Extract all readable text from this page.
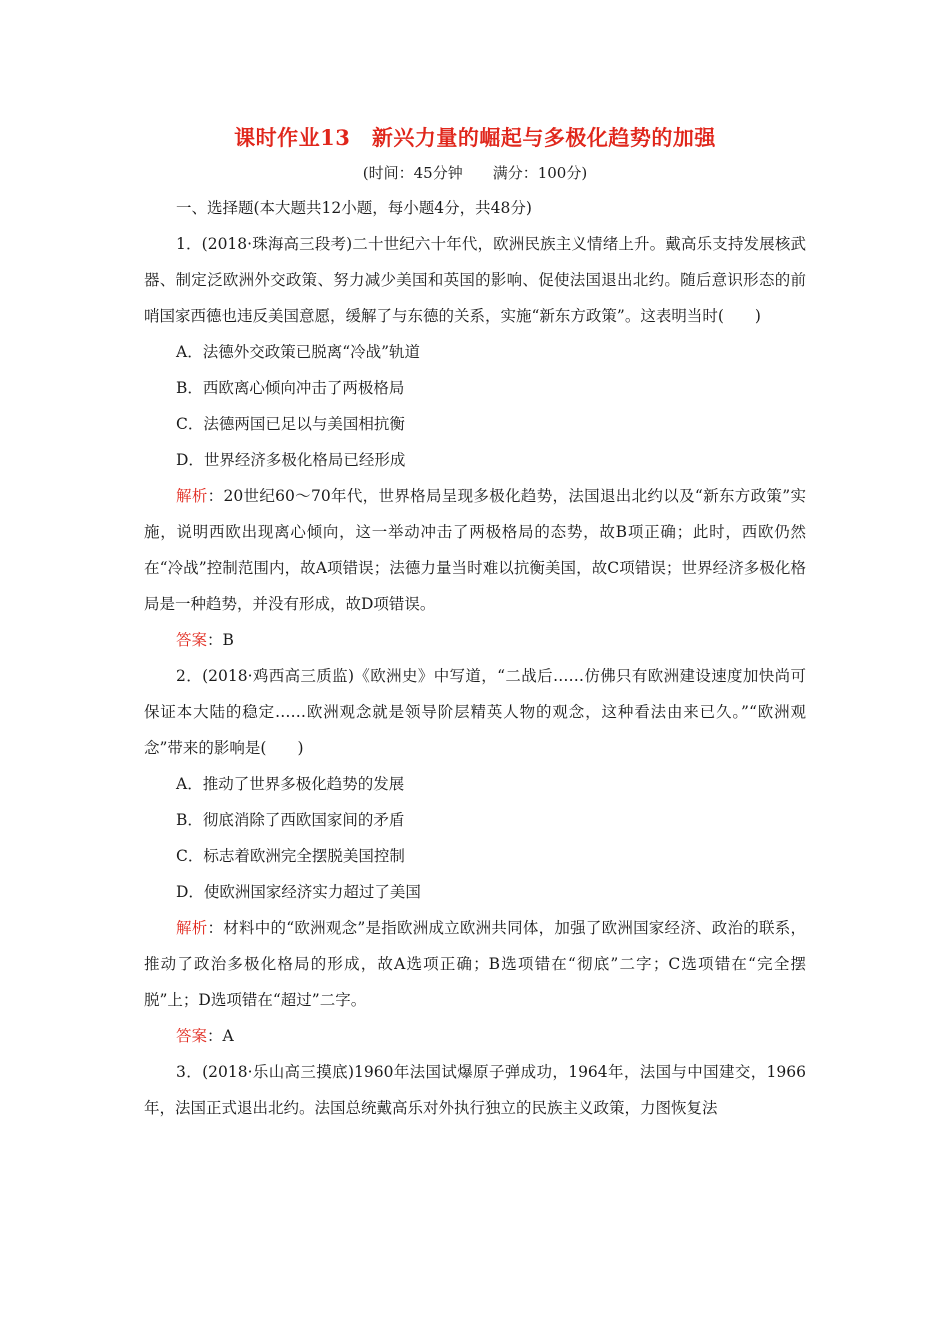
课时作业13　新兴力量的崛起与多极化趋势的加强
(时间：45分钟　　满分：100分)

一、选择题(本大题共12小题，每小题4分，共48分)

1．(2018·珠海高三段考)二十世纪六十年代，欧洲民族主义情绪上升。戴高乐支持发展核武器、制定泛欧洲外交政策、努力减少美国和英国的影响、促使法国退出北约。随后意识形态的前哨国家西德也违反美国意愿，缓解了与东德的关系，实施“新东方政策”。这表明当时(　　)

A．法德外交政策已脱离“冷战”轨道

B．西欧离心倾向冲击了两极格局

C．法德两国已足以与美国相抗衡

D．世界经济多极化格局已经形成

解析：20世纪60～70年代，世界格局呈现多极化趋势，法国退出北约以及“新东方政策”实施，说明西欧出现离心倾向，这一举动冲击了两极格局的态势，故B项正确；此时，西欧仍然在“冷战”控制范围内，故A项错误；法德力量当时难以抗衡美国，故C项错误；世界经济多极化格局是一种趋势，并没有形成，故D项错误。

答案：B

2．(2018·鸡西高三质监)《欧洲史》中写道，“二战后……仿佛只有欧洲建设速度加快尚可保证本大陆的稳定……欧洲观念就是领导阶层精英人物的观念，这种看法由来已久。”“欧洲观念”带来的影响是(　　)

A．推动了世界多极化趋势的发展

B．彻底消除了西欧国家间的矛盾

C．标志着欧洲完全摆脱美国控制

D．使欧洲国家经济实力超过了美国

解析：材料中的“欧洲观念”是指欧洲成立欧洲共同体，加强了欧洲国家经济、政治的联系，推动了政治多极化格局的形成，故A选项正确；B选项错在“彻底”二字；C选项错在“完全摆脱”上；D选项错在“超过”二字。

答案：A

3．(2018·乐山高三摸底)1960年法国试爆原子弹成功，1964年，法国与中国建交，1966年，法国正式退出北约。法国总统戴高乐对外执行独立的民族主义政策，力图恢复法
